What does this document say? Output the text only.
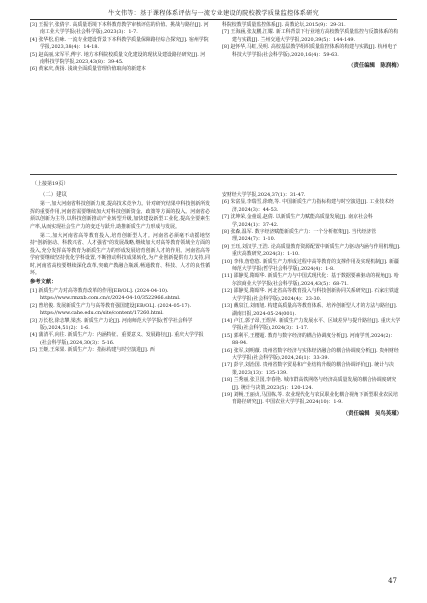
牛文伟等：基于课程体系评估与一流专业建设的院校教学质量监控体系研究

[3] 王振宇,张倩宇. 高质量语境下本科教育教学审核评估的价值、挑战与路径[J]. 河南工业大学学报(社会科学版),2023(3)：1-7.

[4] 张华松,伯咏. 一流专业建设背景下本科教学质量保障路径综合探究[J]. 宿州学院学报,2023,38(4)：14-18.

[5] 赵高丽,宋军平,傅宇. 地方本科院校质量文化建设的现状及建设路径研究[J]. 河南科技学院学报,2023,43(8)：39-45.

[6] 黄家庆,黄扬. 浅谈全面质量管理价值取向的新建本

科院校教学质量监控体系[J]. 高教论坛,2015(9)：29-31.

[7] 王海涵,张友鹏,江耀. 新工科背景下行业地方高校教学质量监控与反馈体系的构建与实践[J]. 兰州交通大学学报,2020,39(5)：144-149.

[8] 赵怀华,马虹,吴明. 高校基层教学组织质量监控体系的构建与实践[J]. 杭州电子科技大学学报(社会科学版),2020,16(4)：59-63.

（责任编辑　陈润梅）
（上接第19页）
（二）建议

第一,加大河南省科技创新力度,提高技术竞争力。针对研究结果中科技创新所发挥的重要作用,河南省需要继续加大对科技创新资金、政策等方面的投入。河南省必须以创新为主导,以科技创新推动产业转型升级,加快建设新型工业化,提高全要素生产率,从而实现社会生产力的变迁与跃升,助推新质生产力形成与发展。

第二,加大河南省高等教育投入,培育创新型人才。河南省必须毫不动摇地坚持"创新驱动、科教兴省、人才强省"的发展战略,继续加大对高等教育领域全方面的投入,充分发挥高等教育为新质生产力的形成发展培育创新人才的作用。河南省高等学府要继续坚持优化学科设置,不断推动科技成果转化,为产业创新提供有力支持,同时,河南省高校要继续深化改革,突破产教融合瓶颈,畅通教育、科技、人才的良性循环。

参考文献：

[1] 新质生产力对高等教育改革的作用[EB/OL]. (2024-04-10). https://www.rmzxb.com.cn/c/2024-04-10/3522966.shtml.

[2] 曾培俊. 发展新质生产力与高等教育强国建设[EB/OL]. (2024-05-17). https://www.cahe.edu.cn/site/content/17260.html.

[3] 万长松,徐志攀,梁杰. 新质生产力论[J]. 河南师范大学学报(哲学社会科学版),2024,51(2)：1-6.

[4] 蒲清平,向往. 新质生产力：内涵特征、重要意义、发展路径[J]. 重庆大学学报(社会科学版),2024,30(3)：5-16.

[5] 王姬,王荣果. 新质生产力：指标构建与时空演进[J]. 西

安财经大学学报,2024,37(1)：31-47.

[6] 朱富显,李瑞雪,徐晓,等. 中国新质生产力指标构建与时空演进[J]. 工业技术经济,2024(3)：44-53.

[7] 沈坤荣,金童谣,赵倩. 以新质生产力赋能高质量发展[J]. 南京社会科学,2024(1)：37-42.

[8] 张森,温军. 数字经济赋能新质生产力：一个分析框架[J]. 当代经济管理,2024(7)：1-10.

[9] 王珏,刘汉学,王浩. 论高质量教育资源配置中新质生产力驱动内涵与作用机理[J]. 重庆高教研究,2024(3)：1-10.

[10] 李伟,詹悠悠. 新质生产力形成过程中高等教育的支撑作用及实现机制[J]. 新疆师范大学学报(哲学社会科学版),2024(4)：1-8.

[11] 邵静雯,隋昭华. 新质生产力与中国式现代化：基于数据要素驱动的视角[J]. 哈尔滨商业大学学报(社会科学版),2024,43(5)：68-71.

[12] 邵静雯,隋昭华. 河北省高等教育投入与科技创新协同关系研究[J]. 石家庄铁道大学学报(社会科学版),2024(4)：23-30.

[13] 戴泉江,刘雨旭. 构建高质量高等教育体系、培养创新型人才的方法与路径[J]. 湖南日报,2024-05-24(001).

[14] 卢江,郭子昂,王煜萍. 新质生产力发展水平、区域差异与提升路径[J]. 重庆大学学报(社会科学版),2024(3)：1-17.

[15] 郭利平,王樱超. 教育与数字经济的耦合协调度分析[J]. 河南学刊,2024(2)：88-94.

[16] 张军,刘明薇. 贵州省数字经济与实体经济融合的耦合协调度分析[J]. 贵州财经大学学报(社会科学版),2024,26(1)：33-39.

[17] 彭宇,刘治国. 贵州省数字贸易和产业结构升级的耦合协调评价[J]. 统计与决策,2023(13)：135-139.

[18] 兰秀丽,张卫国,李春艳. 城市群高铁网络与经济高质量发展的耦合协调度研究[J]. 统计与决策,2023(5)：120-124.

[19] 刘畅,王丽贞,马国栋,等. 农业现代化与农民职业化耦合视角下新型职业农民培育路径研究[J]. 中国农业大学学报,2024(10)：1-9.

（责任编辑　吴鸟英瑾）
47
